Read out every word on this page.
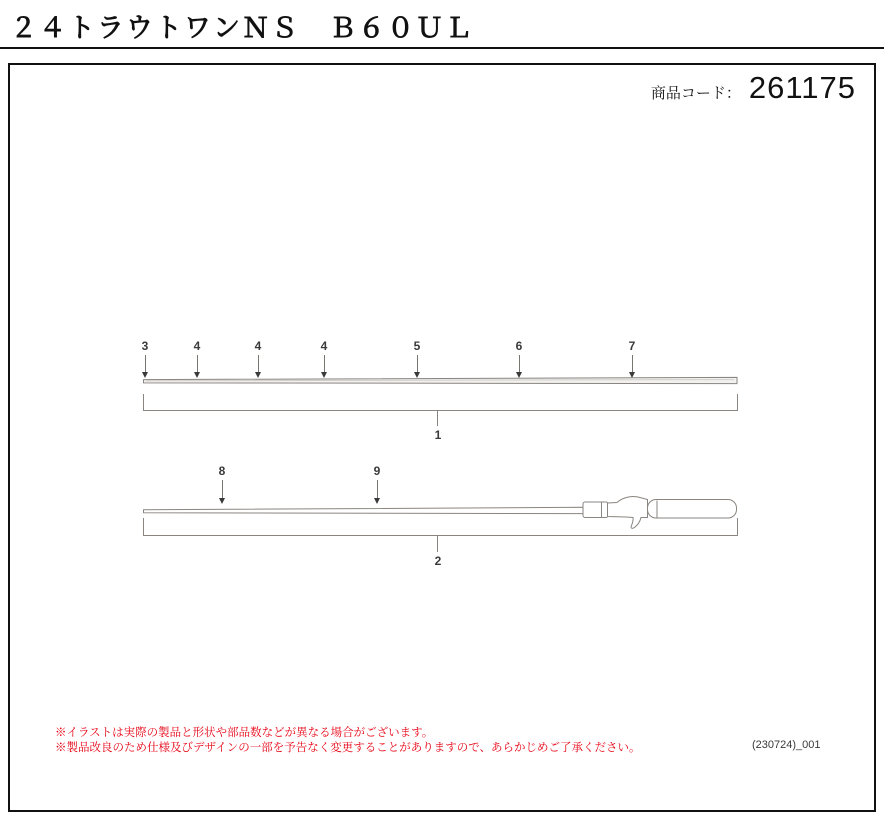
２４トラウトワンＮＳ　Ｂ６０ＵＬ
商品コード： 261175
3	4	4	4	5	6	7
8	9
1
2
※イラストは実際の製品と形状や部品数などが異なる場合がございます。
※製品改良のため仕様及びデザインの一部を予告なく変更することがありますので、あらかじめご了承ください。	(230724)_001
